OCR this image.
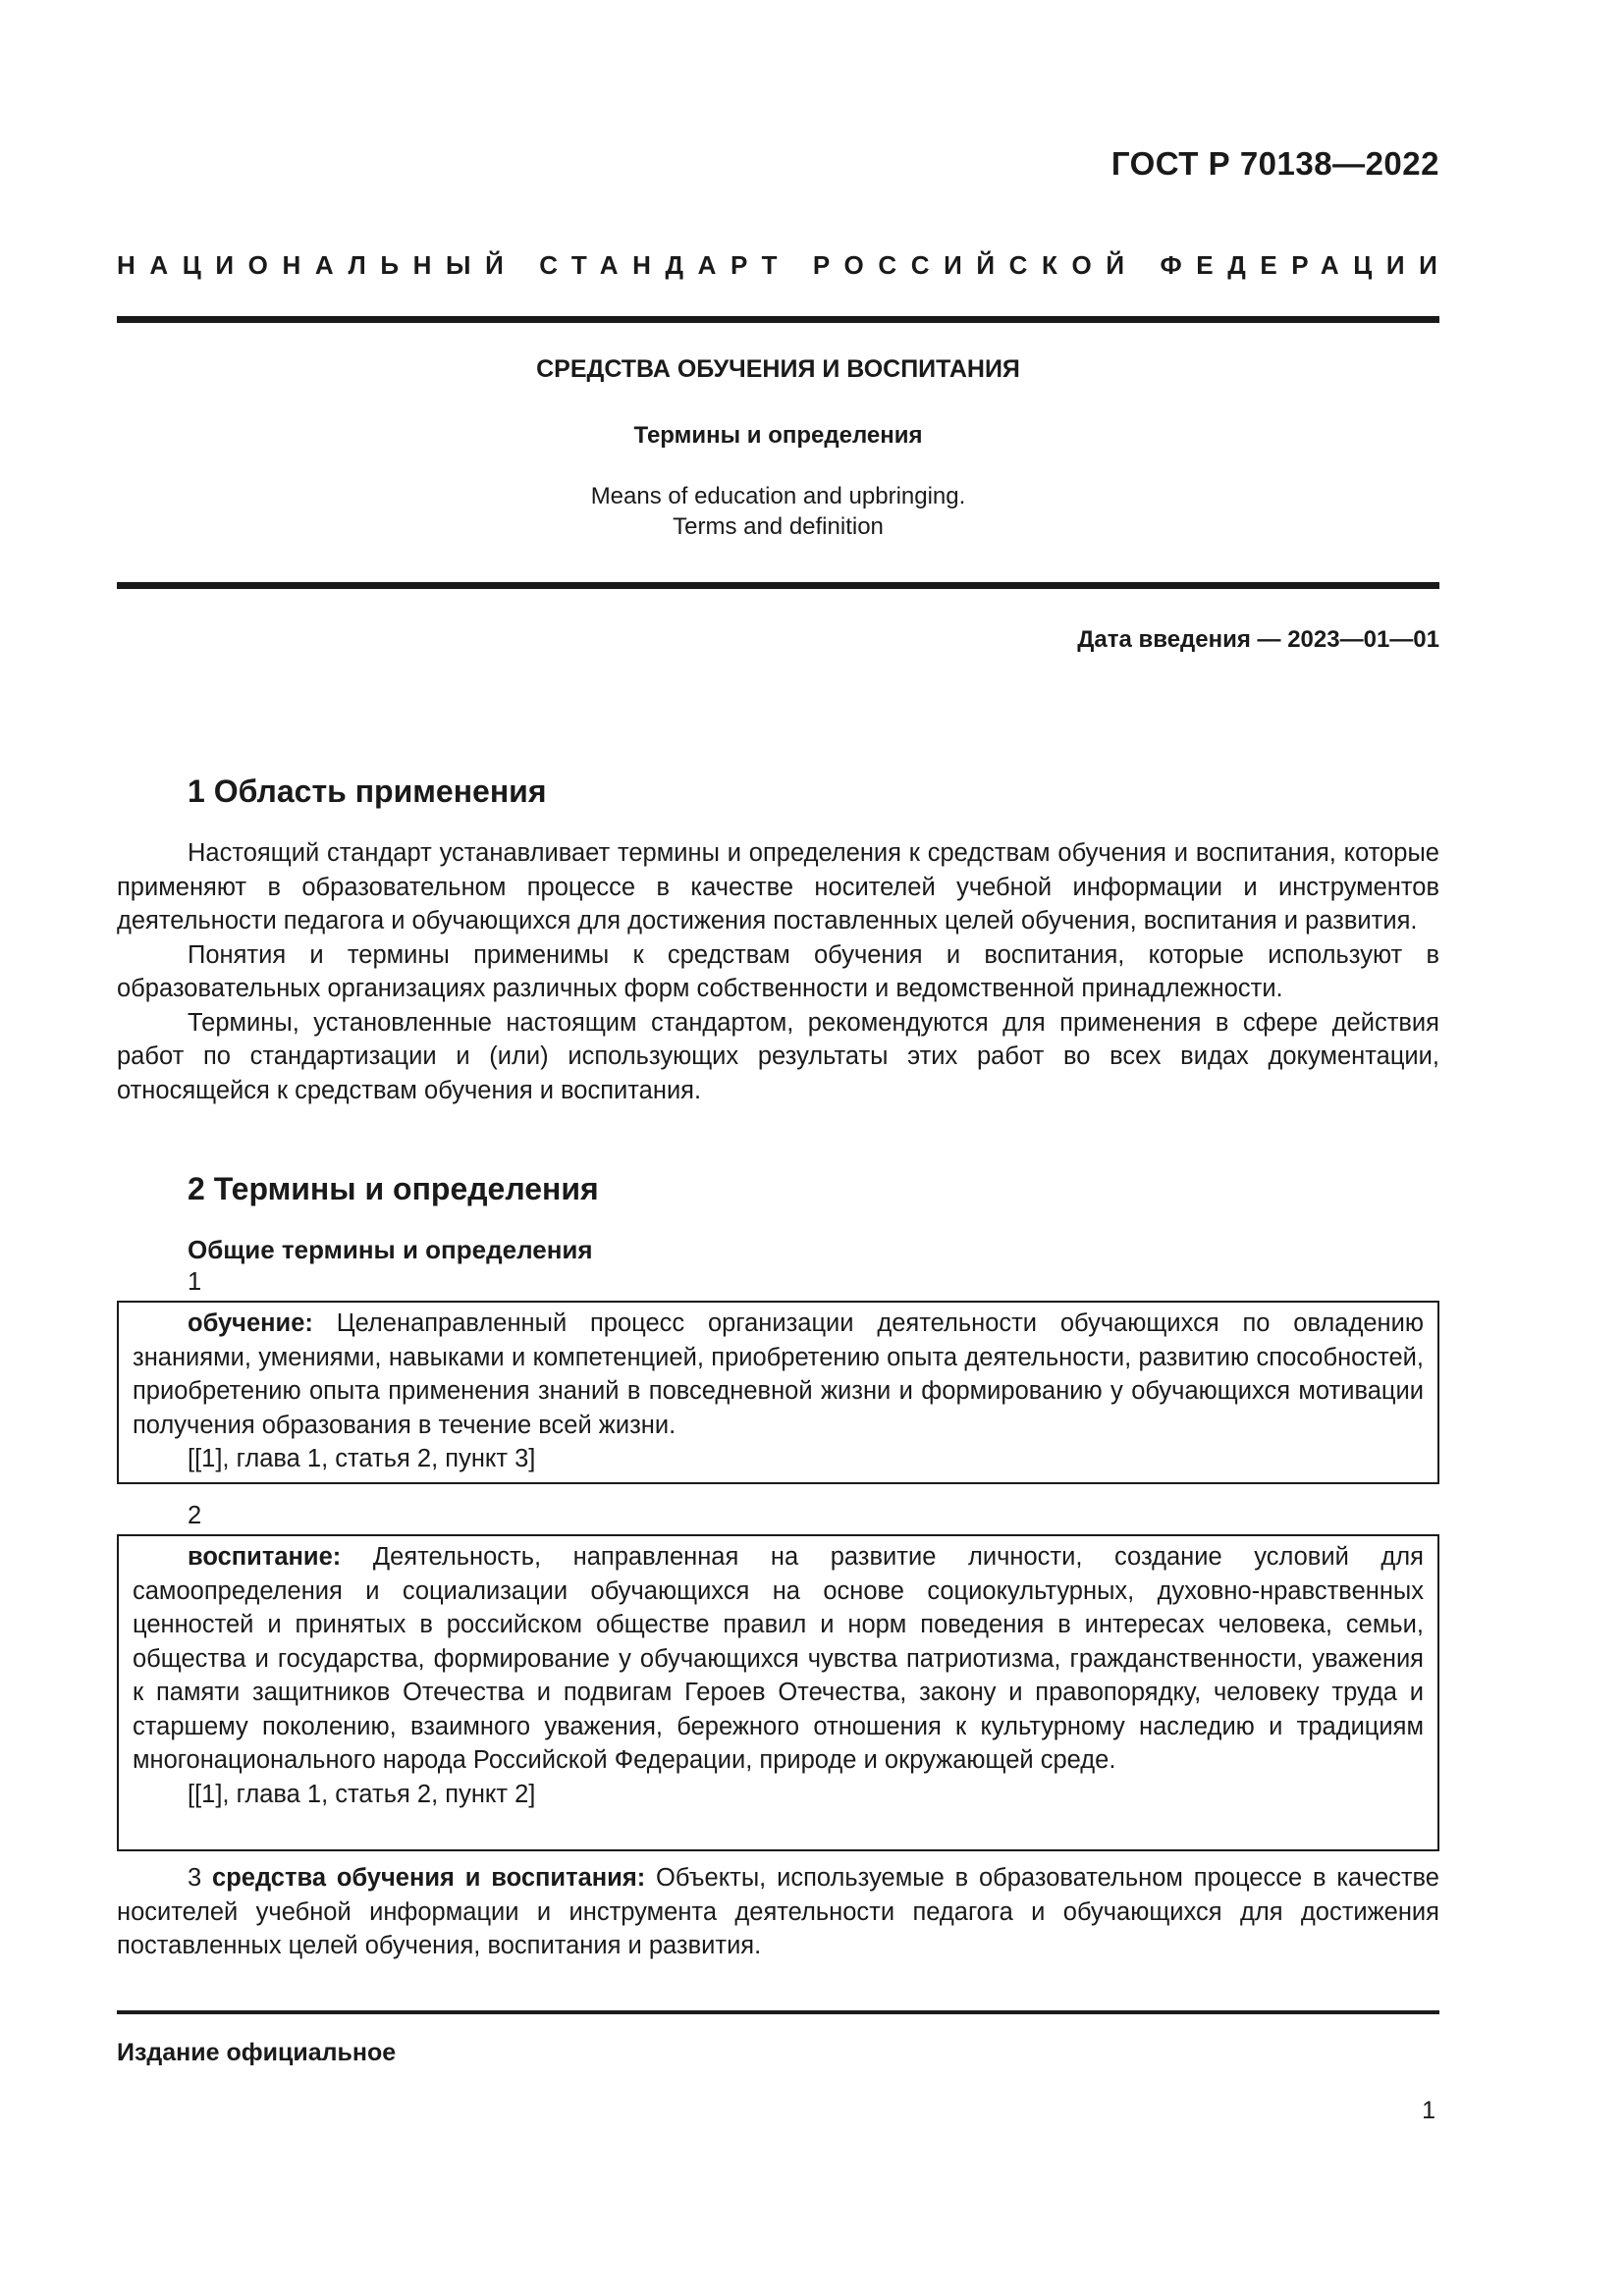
ГОСТ Р 70138—2022
НАЦИОНАЛЬНЫЙ СТАНДАРТ РОССИЙСКОЙ ФЕДЕРАЦИИ
СРЕДСТВА ОБУЧЕНИЯ И ВОСПИТАНИЯ
Термины и определения
Means of education and upbringing.
Terms and definition
Дата введения — 2023—01—01
1 Область применения

Настоящий стандарт устанавливает термины и определения к средствам обучения и воспитания, которые применяют в образовательном процессе в качестве носителей учебной информации и инструментов деятельности педагога и обучающихся для достижения поставленных целей обучения, воспитания и развития.

Понятия и термины применимы к средствам обучения и воспитания, которые используют в образовательных организациях различных форм собственности и ведомственной принадлежности.

Термины, установленные настоящим стандартом, рекомендуются для применения в сфере действия работ по стандартизации и (или) использующих результаты этих работ во всех видах документации, относящейся к средствам обучения и воспитания.

2 Термины и определения
Общие термины и определения
1

обучение: Целенаправленный процесс организации деятельности обучающихся по овладению знаниями, умениями, навыками и компетенцией, приобретению опыта деятельности, развитию способностей, приобретению опыта применения знаний в повседневной жизни и формированию у обучающихся мотивации получения образования в течение всей жизни.

[[1], глава 1, статья 2, пункт 3]

2

воспитание: Деятельность, направленная на развитие личности, создание условий для самоопределения и социализации обучающихся на основе социокультурных, духовно-нравственных ценностей и принятых в российском обществе правил и норм поведения в интересах человека, семьи, общества и государства, формирование у обучающихся чувства патриотизма, гражданственности, уважения к памяти защитников Отечества и подвигам Героев Отечества, закону и правопорядку, человеку труда и старшему поколению, взаимного уважения, бережного отношения к культурному наследию и традициям многонационального народа Российской Федерации, природе и окружающей среде.

[[1], глава 1, статья 2, пункт 2]

3 средства обучения и воспитания: Объекты, используемые в образовательном процессе в качестве носителей учебной информации и инструмента деятельности педагога и обучающихся для достижения поставленных целей обучения, воспитания и развития.

Издание официальное
1
